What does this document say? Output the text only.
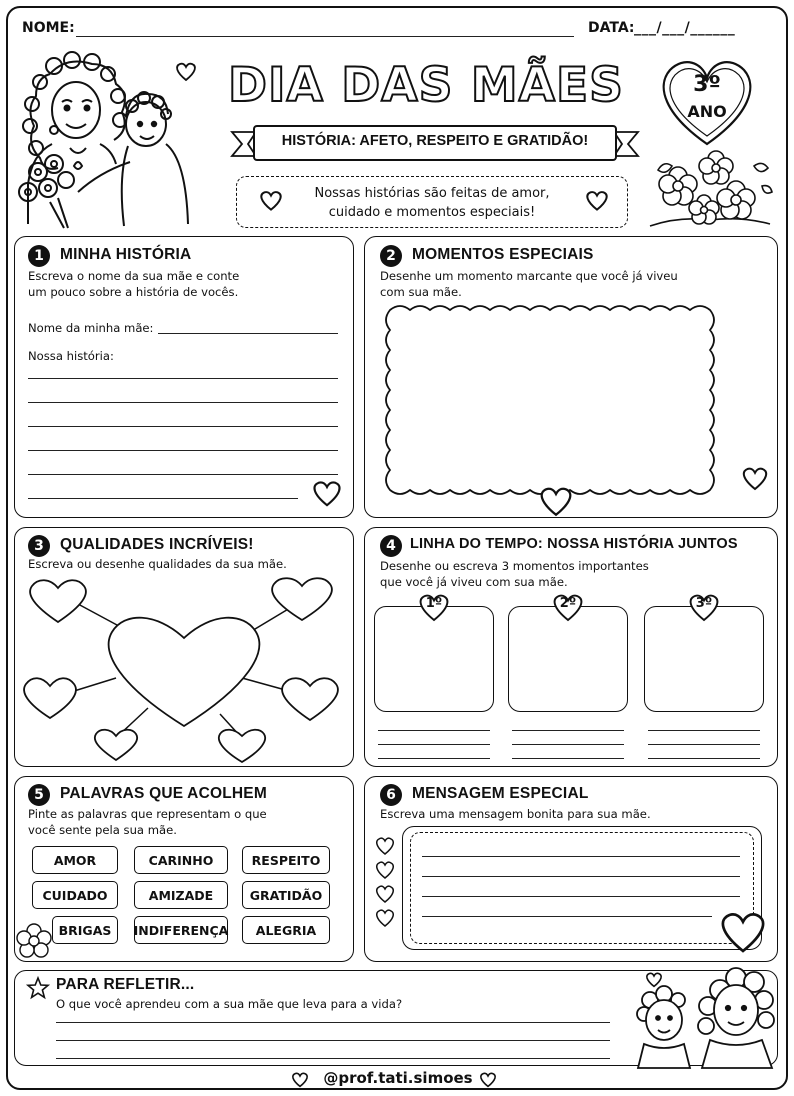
NOME:	DATA: ___/___/______
DIA DAS MÃES
HISTÓRIA: AFETO, RESPEITO E GRATIDÃO!
Nossas histórias são feitas de amor,
cuidado e momentos especiais!
3º
ANO
1	MINHA HISTÓRIA
Escreva o nome da sua mãe e conte
um pouco sobre a história de vocês.
Nome da minha mãe:
Nossa história:
2	MOMENTOS ESPECIAIS
Desenhe um momento marcante que você já viveu
com sua mãe.
3	QUALIDADES INCRÍVEIS!
Escreva ou desenhe qualidades da sua mãe.
4 LINHA DO TEMPO: NOSSA HISTÓRIA JUNTOS
Desenhe ou escreva 3 momentos importantes
que você já viveu com sua mãe.
1º	2º	3º
5	PALAVRAS QUE ACOLHEM
Pinte as palavras que representam o que
você sente pela sua mãe.
AMOR	CARINHO	RESPEITO
CUIDADO	AMIZADE	GRATIDÃO
BRIGAS	INDIFERENÇA	ALEGRIA
6	MENSAGEM ESPECIAL
Escreva uma mensagem bonita para sua mãe.
PARA REFLETIR...
O que você aprendeu com a sua mãe que leva para a vida?
@prof.tati.simoes
